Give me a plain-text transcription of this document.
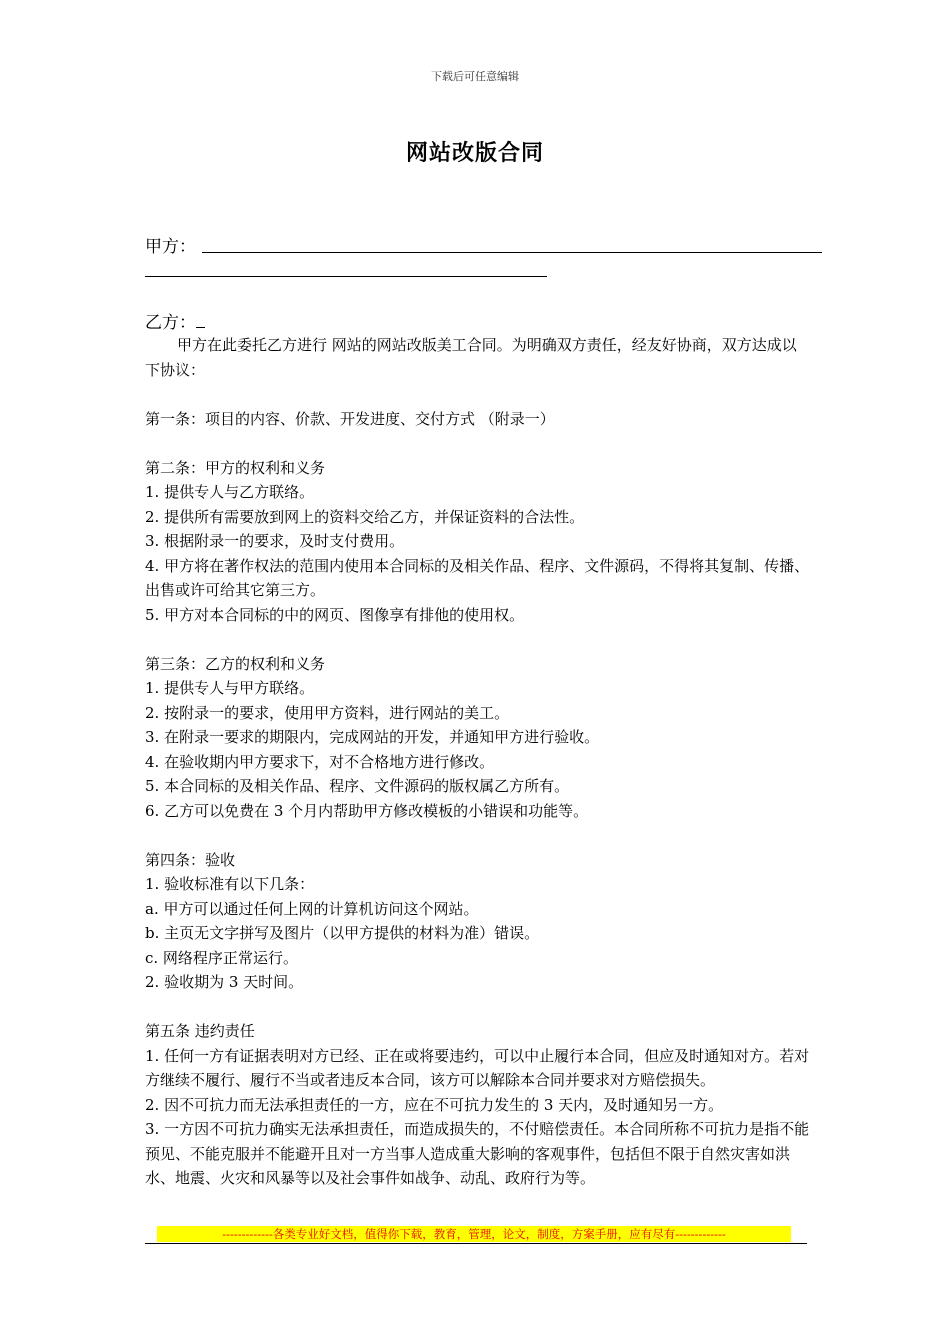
下载后可任意编辑
网站改版合同
甲方：
乙方：

甲方在此委托乙方进行 网站的网站改版美工合同。为明确双方责任，经友好协商，双方达成以下协议：

第一条：项目的内容、价款、开发进度、交付方式 （附录一）

第二条：甲方的权利和义务

1. 提供专人与乙方联络。

2. 提供所有需要放到网上的资料交给乙方，并保证资料的合法性。

3. 根据附录一的要求，及时支付费用。

4. 甲方将在著作权法的范围内使用本合同标的及相关作品、程序、文件源码，不得将其复制、传播、出售或许可给其它第三方。

5. 甲方对本合同标的中的网页、图像享有排他的使用权。

第三条：乙方的权利和义务

1. 提供专人与甲方联络。

2. 按附录一的要求，使用甲方资料，进行网站的美工。

3. 在附录一要求的期限内，完成网站的开发，并通知甲方进行验收。

4. 在验收期内甲方要求下，对不合格地方进行修改。

5. 本合同标的及相关作品、程序、文件源码的版权属乙方所有。

6. 乙方可以免费在 3 个月内帮助甲方修改模板的小错误和功能等。

第四条：验收

1. 验收标准有以下几条：

a. 甲方可以通过任何上网的计算机访问这个网站。

b. 主页无文字拼写及图片（以甲方提供的材料为准）错误。

c. 网络程序正常运行。

2. 验收期为 3 天时间。

第五条 违约责任

1. 任何一方有证据表明对方已经、正在或将要违约，可以中止履行本合同，但应及时通知对方。若对方继续不履行、履行不当或者违反本合同，该方可以解除本合同并要求对方赔偿损失。

2. 因不可抗力而无法承担责任的一方，应在不可抗力发生的 3 天内，及时通知另一方。

3. 一方因不可抗力确实无法承担责任，而造成损失的，不付赔偿责任。本合同所称不可抗力是指不能预见、不能克服并不能避开且对一方当事人造成重大影响的客观事件，包括但不限于自然灾害如洪水、地震、火灾和风暴等以及社会事件如战争、动乱、政府行为等。

-------------各类专业好文档，值得你下载，教育，管理，论文，制度，方案手册，应有尽有-------------
